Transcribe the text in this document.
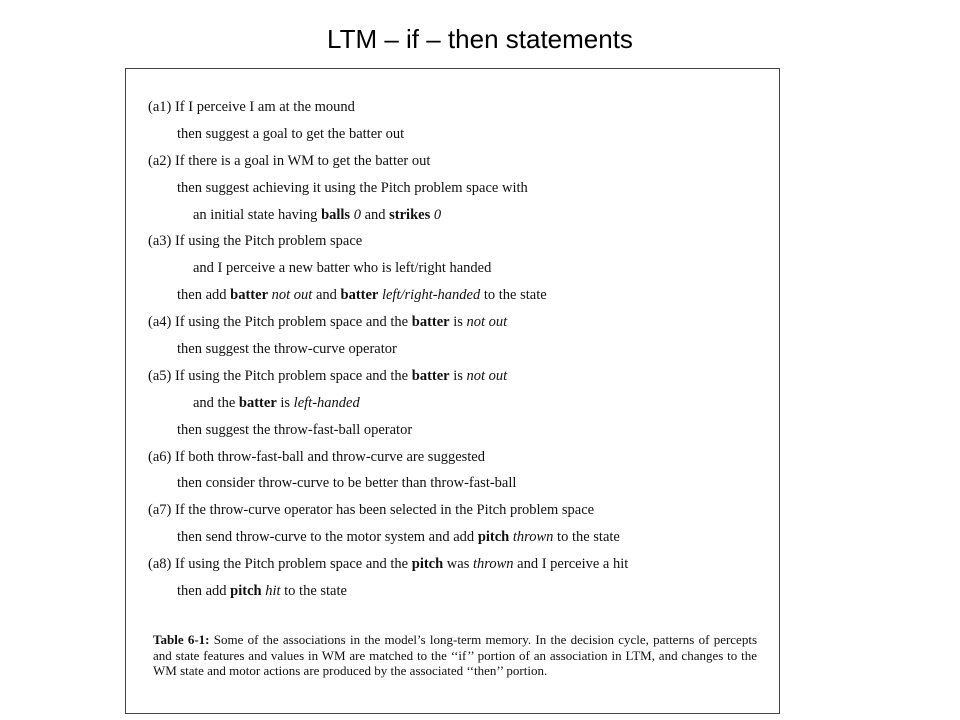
LTM – if – then statements
(a1) If I perceive I am at the mound
then suggest a goal to get the batter out
(a2) If there is a goal in WM to get the batter out
then suggest achieving it using the Pitch problem space with
an initial state having balls 0 and strikes 0
(a3) If using the Pitch problem space
and I perceive a new batter who is left/right handed
then add batter not out and batter left/right-handed to the state
(a4) If using the Pitch problem space and the batter is not out
then suggest the throw-curve operator
(a5) If using the Pitch problem space and the batter is not out
and the batter is left-handed
then suggest the throw-fast-ball operator
(a6) If both throw-fast-ball and throw-curve are suggested
then consider throw-curve to be better than throw-fast-ball
(a7) If the throw-curve operator has been selected in the Pitch problem space
then send throw-curve to the motor system and add pitch thrown to the state
(a8) If using the Pitch problem space and the pitch was thrown and I perceive a hit
then add pitch hit to the state
Table 6-1: Some of the associations in the model’s long-term memory. In the decision cycle, patterns of percepts and state features and values in WM are matched to the ‘‘if’’ portion of an association in LTM, and changes to the WM state and motor actions are produced by the associated ‘‘then’’ portion.
